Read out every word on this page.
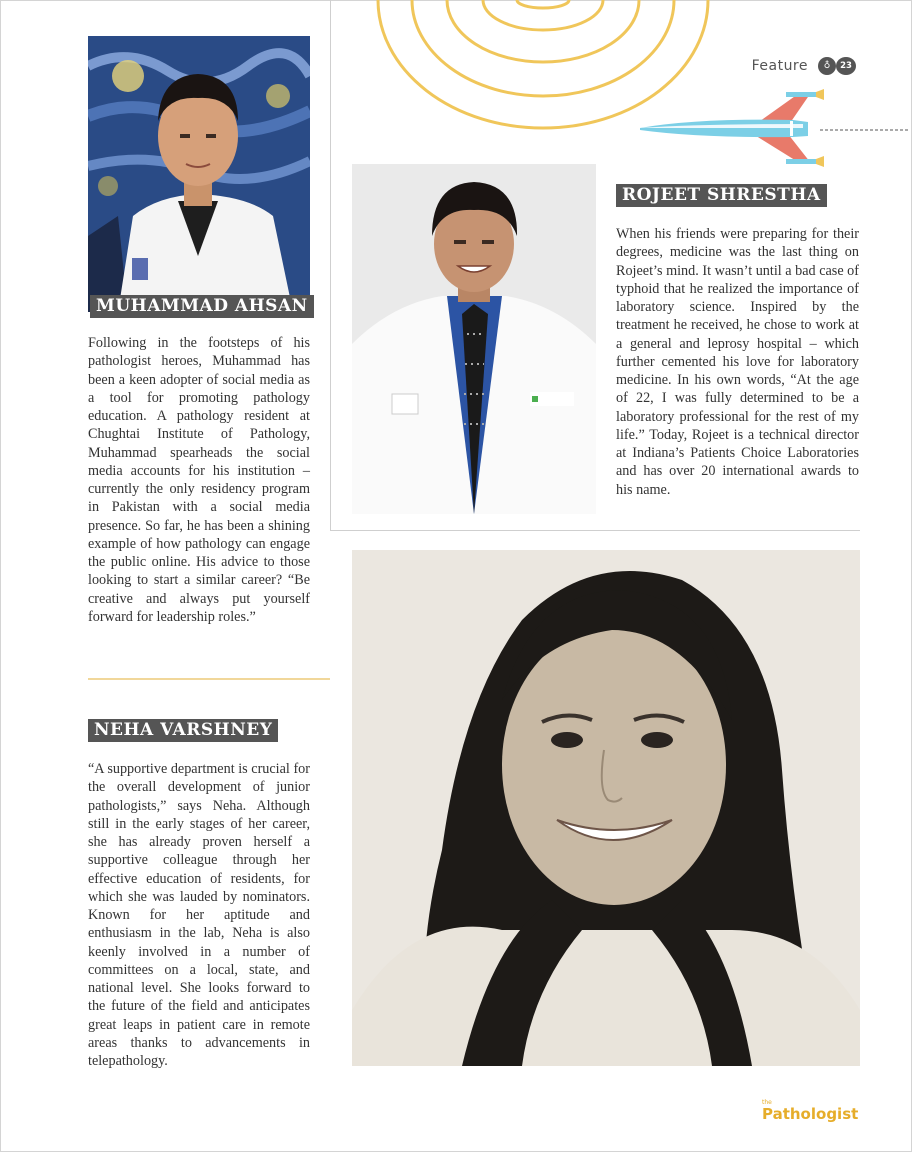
Feature	♁	23
MUHAMMAD AHSAN

Following in the footsteps of his pathologist heroes, Muhammad has been a keen adopter of social media as a tool for promoting pathology education. A pathology resident at Chughtai Institute of Pathology, Muhammad spearheads the social media accounts for his institution – currently the only residency program in Pakistan with a social media presence. So far, he has been a shining example of how pathology can engage the public online. His advice to those looking to start a similar career? “Be creative and always put yourself forward for leadership roles.”

NEHA VARSHNEY

“A supportive department is crucial for the overall development of junior pathologists,” says Neha. Although still in the early stages of her career, she has already proven herself a supportive colleague through her effective education of residents, for which she was lauded by nominators. Known for her aptitude and enthusiasm in the lab, Neha is also keenly involved in a number of committees on a local, state, and national level. She looks forward to the future of the field and anticipates great leaps in patient care in remote areas thanks to advancements in telepathology.

ROJEET SHRESTHA

When his friends were preparing for their degrees, medicine was the last thing on Rojeet’s mind. It wasn’t until a bad case of typhoid that he realized the importance of laboratory science. Inspired by the treatment he received, he chose to work at a general and leprosy hospital – which further cemented his love for laboratory medicine. In his own words, “At the age of 22, I was fully determined to be a laboratory professional for the rest of my life.” Today, Rojeet is a technical director at Indiana’s Patients Choice Laboratories and has over 20 international awards to his name.

the
Pathologist
